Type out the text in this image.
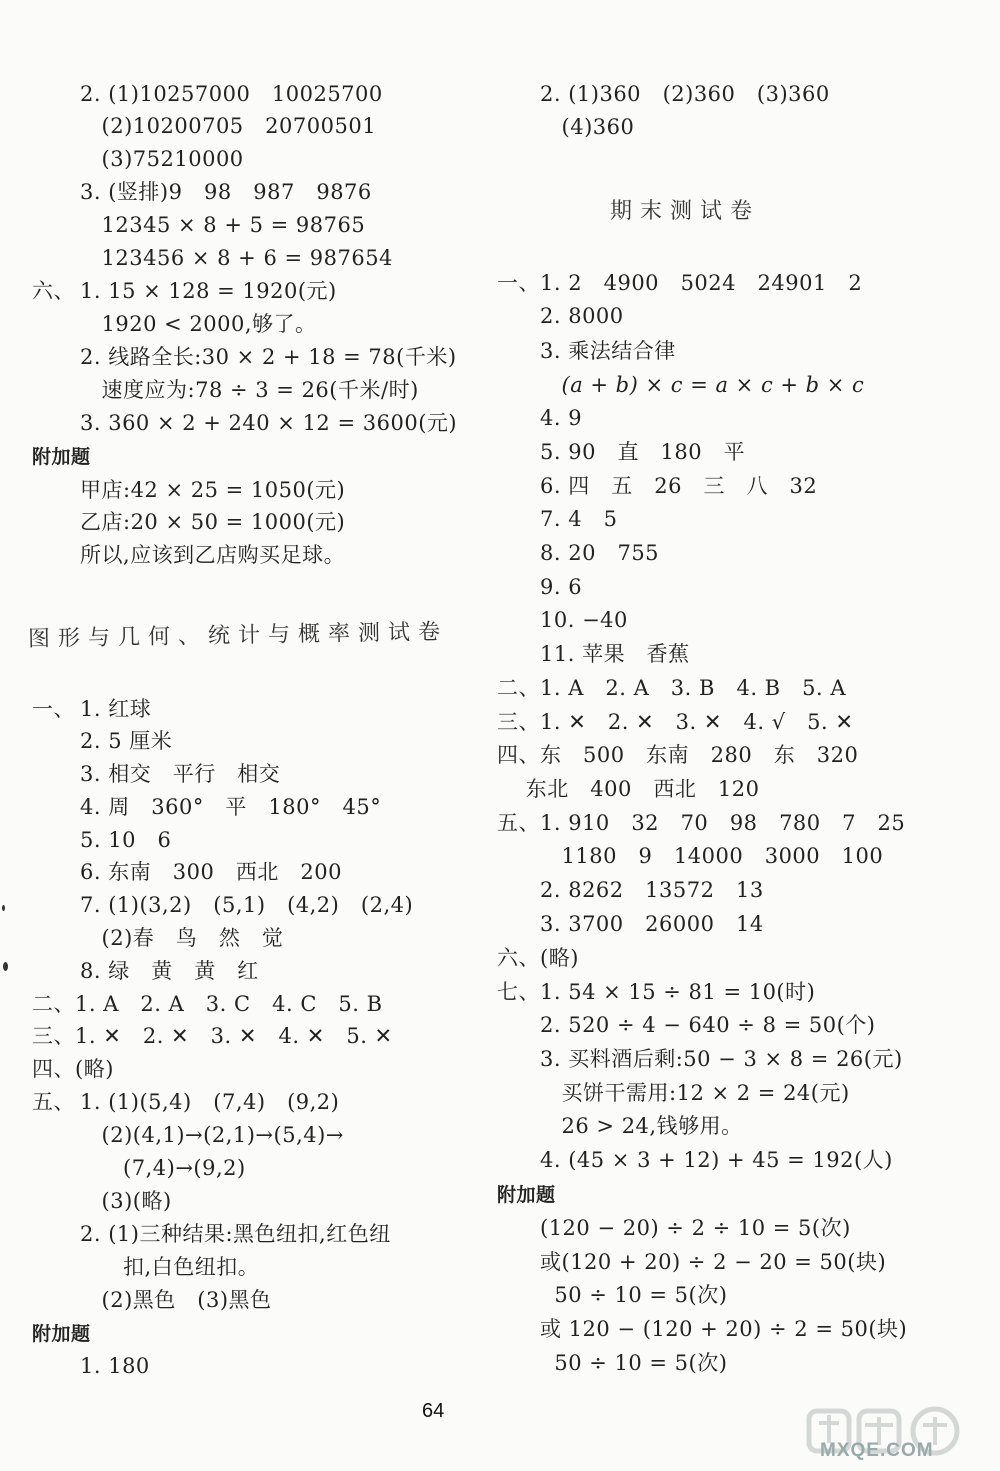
2. (1)10257000   10025700
(2)10200705   20700501
(3)75210000
3. (竖排)9   98   987   9876
12345 × 8 + 5 = 98765
123456 × 8 + 6 = 987654
六、 1. 15 × 128 = 1920(元)
1920 < 2000,够了。
2. 线路全长:30 × 2 + 18 = 78(千米)
速度应为:78 ÷ 3 = 26(千米/时)
3. 360 × 2 + 240 × 12 = 3600(元)
附加题
甲店:42 × 25 = 1050(元)
乙店:20 × 50 = 1000(元)
所以,应该到乙店购买足球。
图形与几何、统计与概率测试卷
一、 1. 红球
2. 5 厘米
3. 相交   平行   相交
4. 周   360°   平   180°   45°
5. 10   6
6. 东南   300   西北   200
7. (1)(3,2)   (5,1)   (4,2)   (2,4)
(2)春   鸟   然   觉
8. 绿   黄   黄   红
二、1. A   2. A   3. C   4. C   5. B
三、1. ✕   2. ✕   3. ✕   4. ✕   5. ✕
四、(略)
五、 1. (1)(5,4)   (7,4)   (9,2)
(2)(4,1)→(2,1)→(5,4)→
(7,4)→(9,2)
(3)(略)
2. (1)三种结果:黑色纽扣,红色纽
扣,白色纽扣。
(2)黑色   (3)黑色
附加题
1. 180
2. (1)360   (2)360   (3)360
(4)360
期末测试卷
一、 1. 2   4900   5024   24901   2
2. 8000
3. 乘法结合律
(a + b) × c = a × c + b × c
4. 9
5. 90   直   180   平
6. 四   五   26   三   八   32
7. 4   5
8. 20   755
9. 6
10. −40
11. 苹果   香蕉
二、1. A   2. A   3. B   4. B   5. A
三、1. ✕   2. ✕   3. ✕   4. √   5. ✕
四、东   500   东南   280   东   320
东北   400   西北   120
五、 1. 910   32   70   98   780   7   25
1180   9   14000   3000   100
2. 8262   13572   13
3. 3700   26000   14
六、(略)
七、 1. 54 × 15 ÷ 81 = 10(时)
2. 520 ÷ 4 − 640 ÷ 8 = 50(个)
3. 买料酒后剩:50 − 3 × 8 = 26(元)
买饼干需用:12 × 2 = 24(元)
26 > 24,钱够用。
4. (45 × 3 + 12) + 45 = 192(人)
附加题
(120 − 20) ÷ 2 ÷ 10 = 5(次)
或(120 + 20) ÷ 2 − 20 = 50(块)
50 ÷ 10 = 5(次)
或 120 − (120 + 20) ÷ 2 = 50(块)
50 ÷ 10 = 5(次)
64
MXQE.COM
